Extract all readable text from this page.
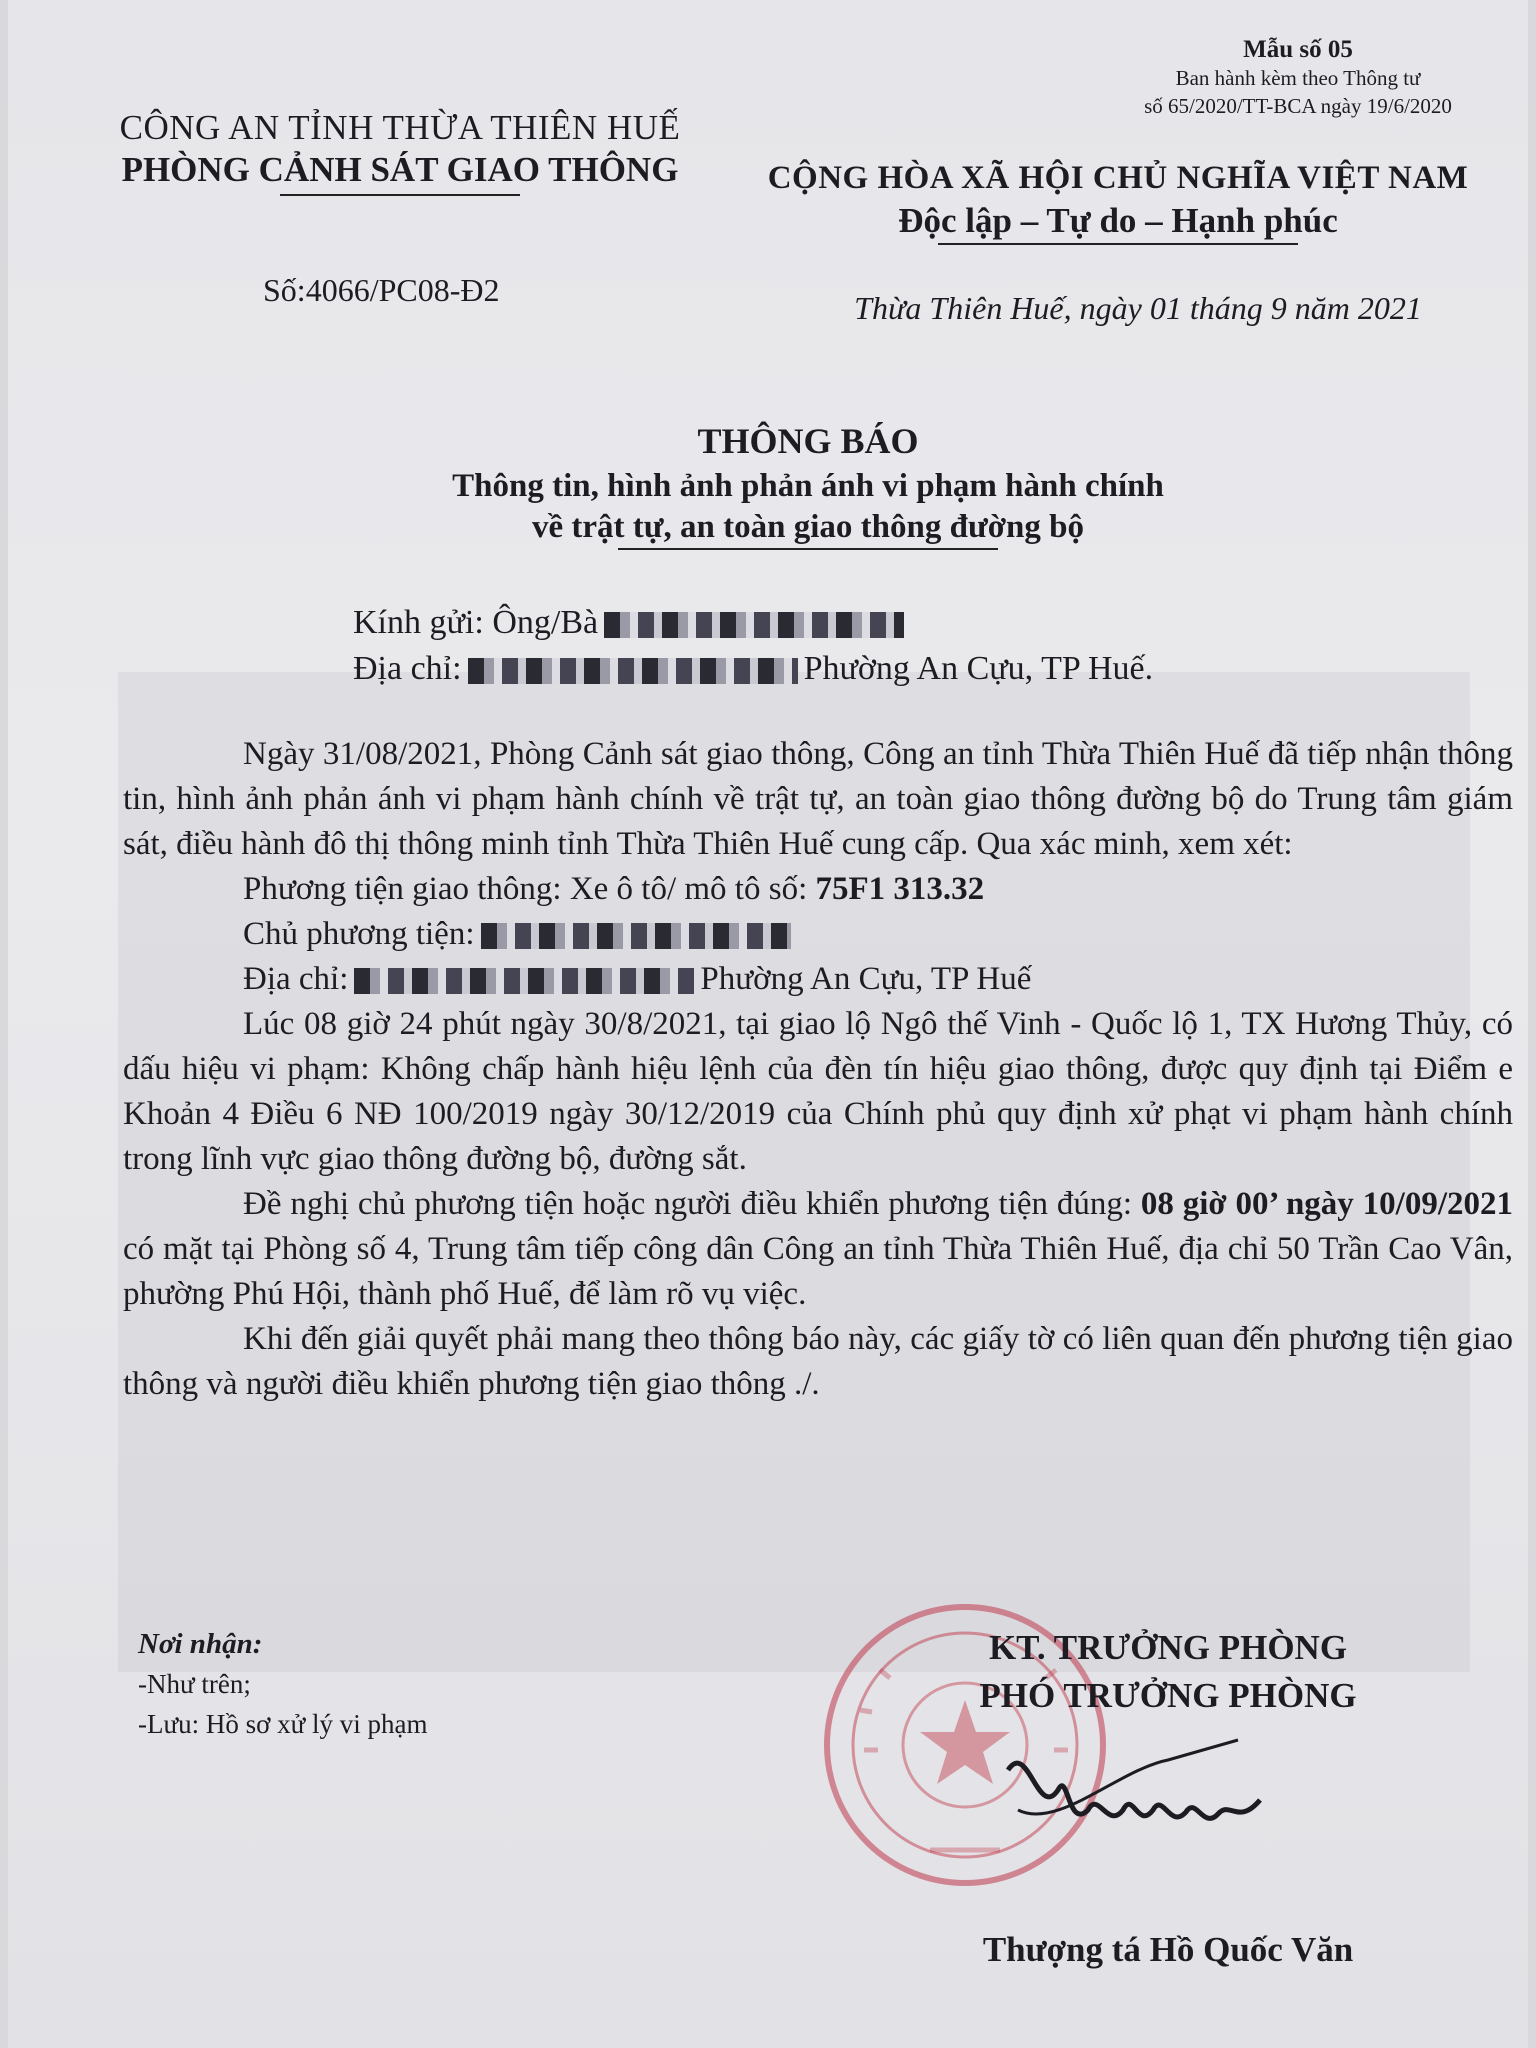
Mẫu số 05
Ban hành kèm theo Thông tư
số 65/2020/TT-BCA ngày 19/6/2020
CÔNG AN TỈNH THỪA THIÊN HUẾ
PHÒNG CẢNH SÁT GIAO THÔNG
Số:4066/PC08-Đ2
CỘNG HÒA XÃ HỘI CHỦ NGHĨA VIỆT NAM
Độc lập – Tự do – Hạnh phúc
Thừa Thiên Huế, ngày 01 tháng 9 năm 2021
THÔNG BÁO
Thông tin, hình ảnh phản ánh vi phạm hành chính
về trật tự, an toàn giao thông đường bộ
Kính gửi: Ông/Bà
Địa chỉ:	Phường An Cựu, TP Huế.

Ngày 31/08/2021, Phòng Cảnh sát giao thông, Công an tỉnh Thừa Thiên Huế đã tiếp nhận thông tin, hình ảnh phản ánh vi phạm hành chính về trật tự, an toàn giao thông đường bộ do Trung tâm giám sát, điều hành đô thị thông minh tỉnh Thừa Thiên Huế cung cấp. Qua xác minh, xem xét:

Phương tiện giao thông: Xe ô tô/ mô tô số: 75F1 313.32

Chủ phương tiện:

Địa chỉ:	Phường An Cựu, TP Huế

Lúc 08 giờ 24 phút ngày 30/8/2021, tại giao lộ Ngô thế Vinh - Quốc lộ 1, TX Hương Thủy, có dấu hiệu vi phạm: Không chấp hành hiệu lệnh của đèn tín hiệu giao thông, được quy định tại Điểm e Khoản 4 Điều 6 NĐ 100/2019 ngày 30/12/2019 của Chính phủ quy định xử phạt vi phạm hành chính trong lĩnh vực giao thông đường bộ, đường sắt.

Đề nghị chủ phương tiện hoặc người điều khiển phương tiện đúng: 08 giờ 00’ ngày 10/09/2021 có mặt tại Phòng số 4, Trung tâm tiếp công dân Công an tỉnh Thừa Thiên Huế, địa chỉ 50 Trần Cao Vân, phường Phú Hội, thành phố Huế, để làm rõ vụ việc.

Khi đến giải quyết phải mang theo thông báo này, các giấy tờ có liên quan đến phương tiện giao thông và người điều khiển phương tiện giao thông ./.

Nơi nhận:
-Như trên;
-Lưu: Hồ sơ xử lý vi phạm
KT. TRƯỞNG PHÒNG
PHÓ TRƯỞNG PHÒNG
Thượng tá Hồ Quốc Văn
